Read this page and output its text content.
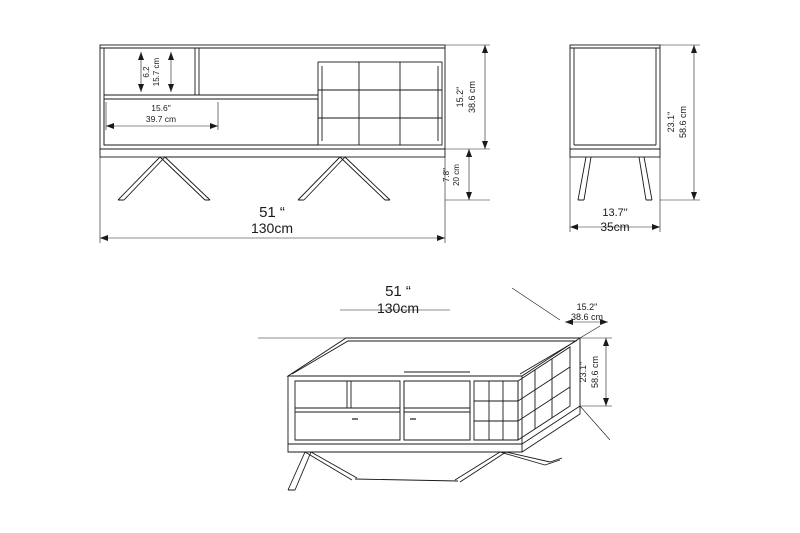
51 “
130cm
15.2" 38.6 cm
7.8" 20 cm
6.2 15.7 cm
15.6"
39.7 cm
13.7"
35cm
23.1" 58.6 cm
51 “
130cm	15.2"
38.6 cm
23.1" 58.6 cm
